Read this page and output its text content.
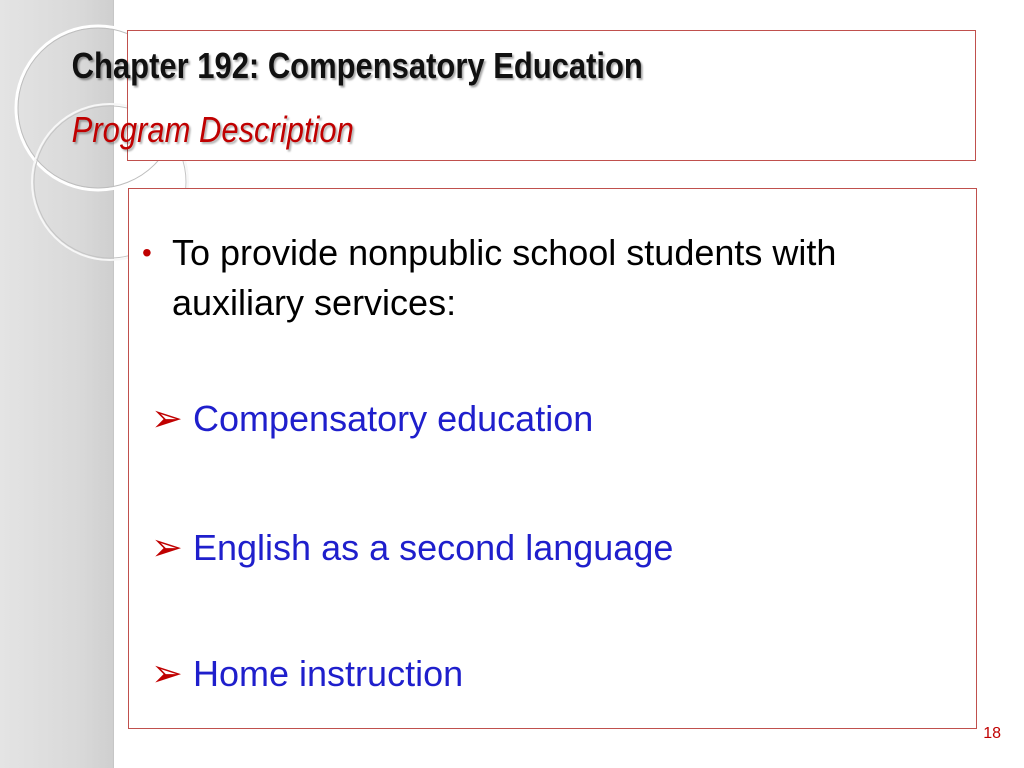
Chapter 192: Compensatory Education
Program Description
• To provide nonpublic school students with auxiliary services:
➢ Compensatory education
➢ English as a second language
➢ Home instruction
18
